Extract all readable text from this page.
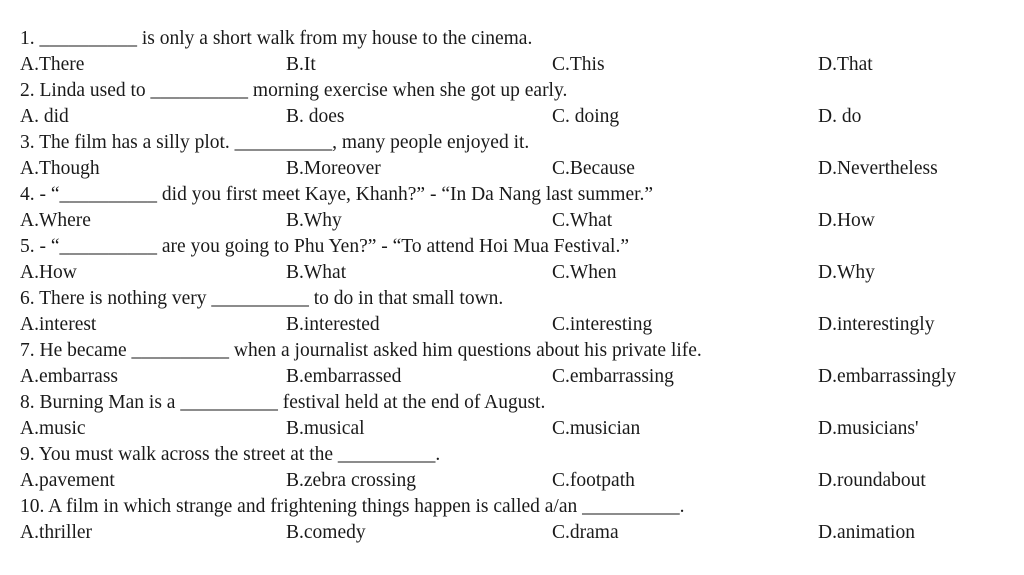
1. __________ is only a short walk from my house to the cinema.
A.There	B.It	C.This	D.That
2. Linda used to __________ morning exercise when she got up early.
A. did	B. does	C. doing	D. do
3. The film has a silly plot. __________, many people enjoyed it.
A.Though	B.Moreover	C.Because	D.Nevertheless
4. - “__________ did you first meet Kaye, Khanh?” - “In Da Nang last summer.”
A.Where	B.Why	C.What	D.How
5. - “__________ are you going to Phu Yen?” - “To attend Hoi Mua Festival.”
A.How	B.What	C.When	D.Why
6. There is nothing very __________ to do in that small town.
A.interest	B.interested	C.interesting	D.interestingly
7. He became __________ when a journalist asked him questions about his private life.
A.embarrass	B.embarrassed	C.embarrassing	D.embarrassingly
8. Burning Man is a __________ festival held at the end of August.
A.music	B.musical	C.musician	D.musicians'
9. You must walk across the street at the __________.
A.pavement	B.zebra crossing	C.footpath	D.roundabout
10. A film in which strange and frightening things happen is called a/an __________.
A.thriller	B.comedy	C.drama	D.animation
